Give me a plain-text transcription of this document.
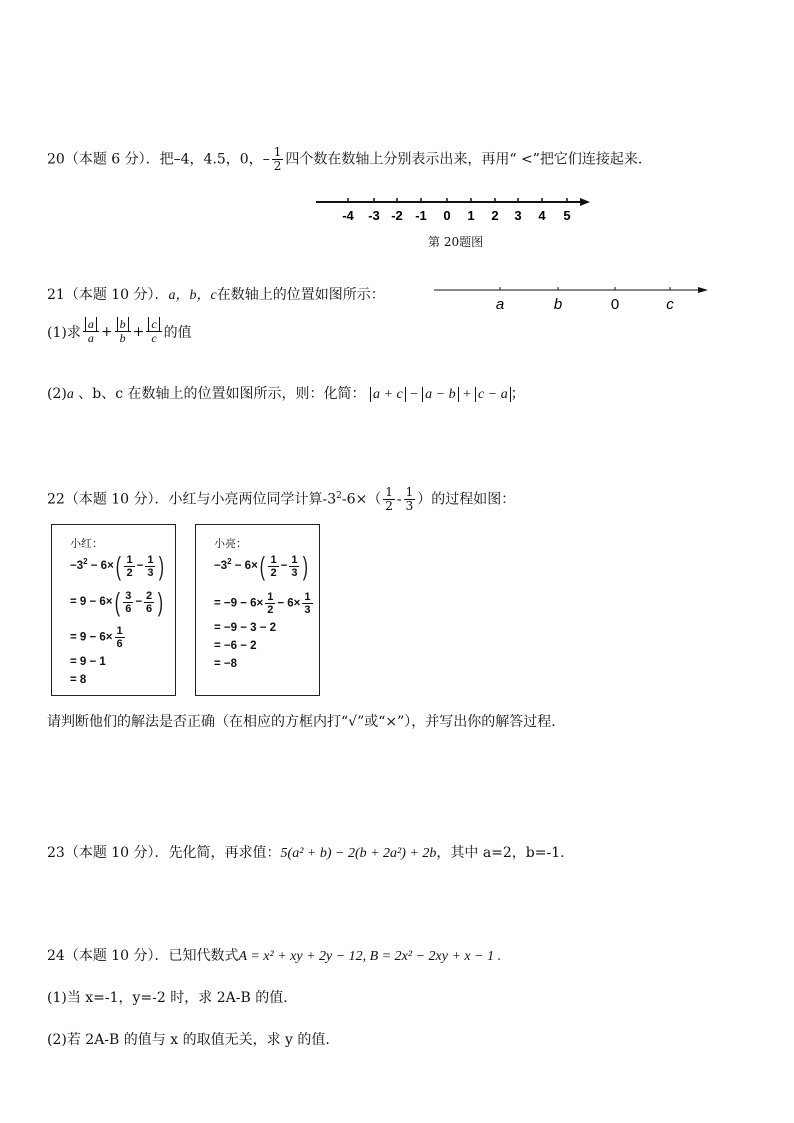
20（本题 6 分）．把–4，4.5，0，– $\frac{1}{2}$ 四个数在数轴上分别表示出来，再用“ <”把它们连接起来.
-4 -3 -2 -1 0 1 2 3 4 5
第 20题图
21（本题 10 分）．a，b，c在数轴上的位置如图所示：
a	b	0	c
(1)求 $\frac{a}{a} + \frac{b}{b} + \frac{c}{c}$ 的值
(2)a 、b、c 在数轴上的位置如图所示，则：化简： a + c − a − b + c − a ；
22（本题 10 分）．小红与小亮两位同学计算$-3^2-6\times( \frac{1}{2} - \frac{1}{3}$ ）的过程如图：
小红：
$-3^2 - 6\times$ ( $\frac{1}{2} - \frac{1}{3}$ )
= 9 − 6× ( $\frac{3}{6} - \frac{2}{6}$ )
= $9 - 6\times \frac{1}{6}$
= 9 − 1
= 8
小亮：
$-3^2 - 6\times$ ( $\frac{1}{2} - \frac{1}{3}$ )
= $-9 - 6\times \frac{1}{2} - 6\times \frac{1}{3}$
= −9 − 3 − 2
= −6 − 2
= −8
请判断他们的解法是否正确（在相应的方框内打“√”或“×”），并写出你的解答过程.
23（本题 10 分）．先化简，再求值：5(a² + b) − 2(b + 2a²) + 2b，其中 a=2，b=-1.
24（本题 10 分）．已知代数式A = x² + xy + 2y − 12, B = 2x² − 2xy + x − 1 .
(1)当 x=-1，y=-2 时，求 2A-B 的值.
(2)若 2A-B 的值与 x 的取值无关，求 y 的值.
